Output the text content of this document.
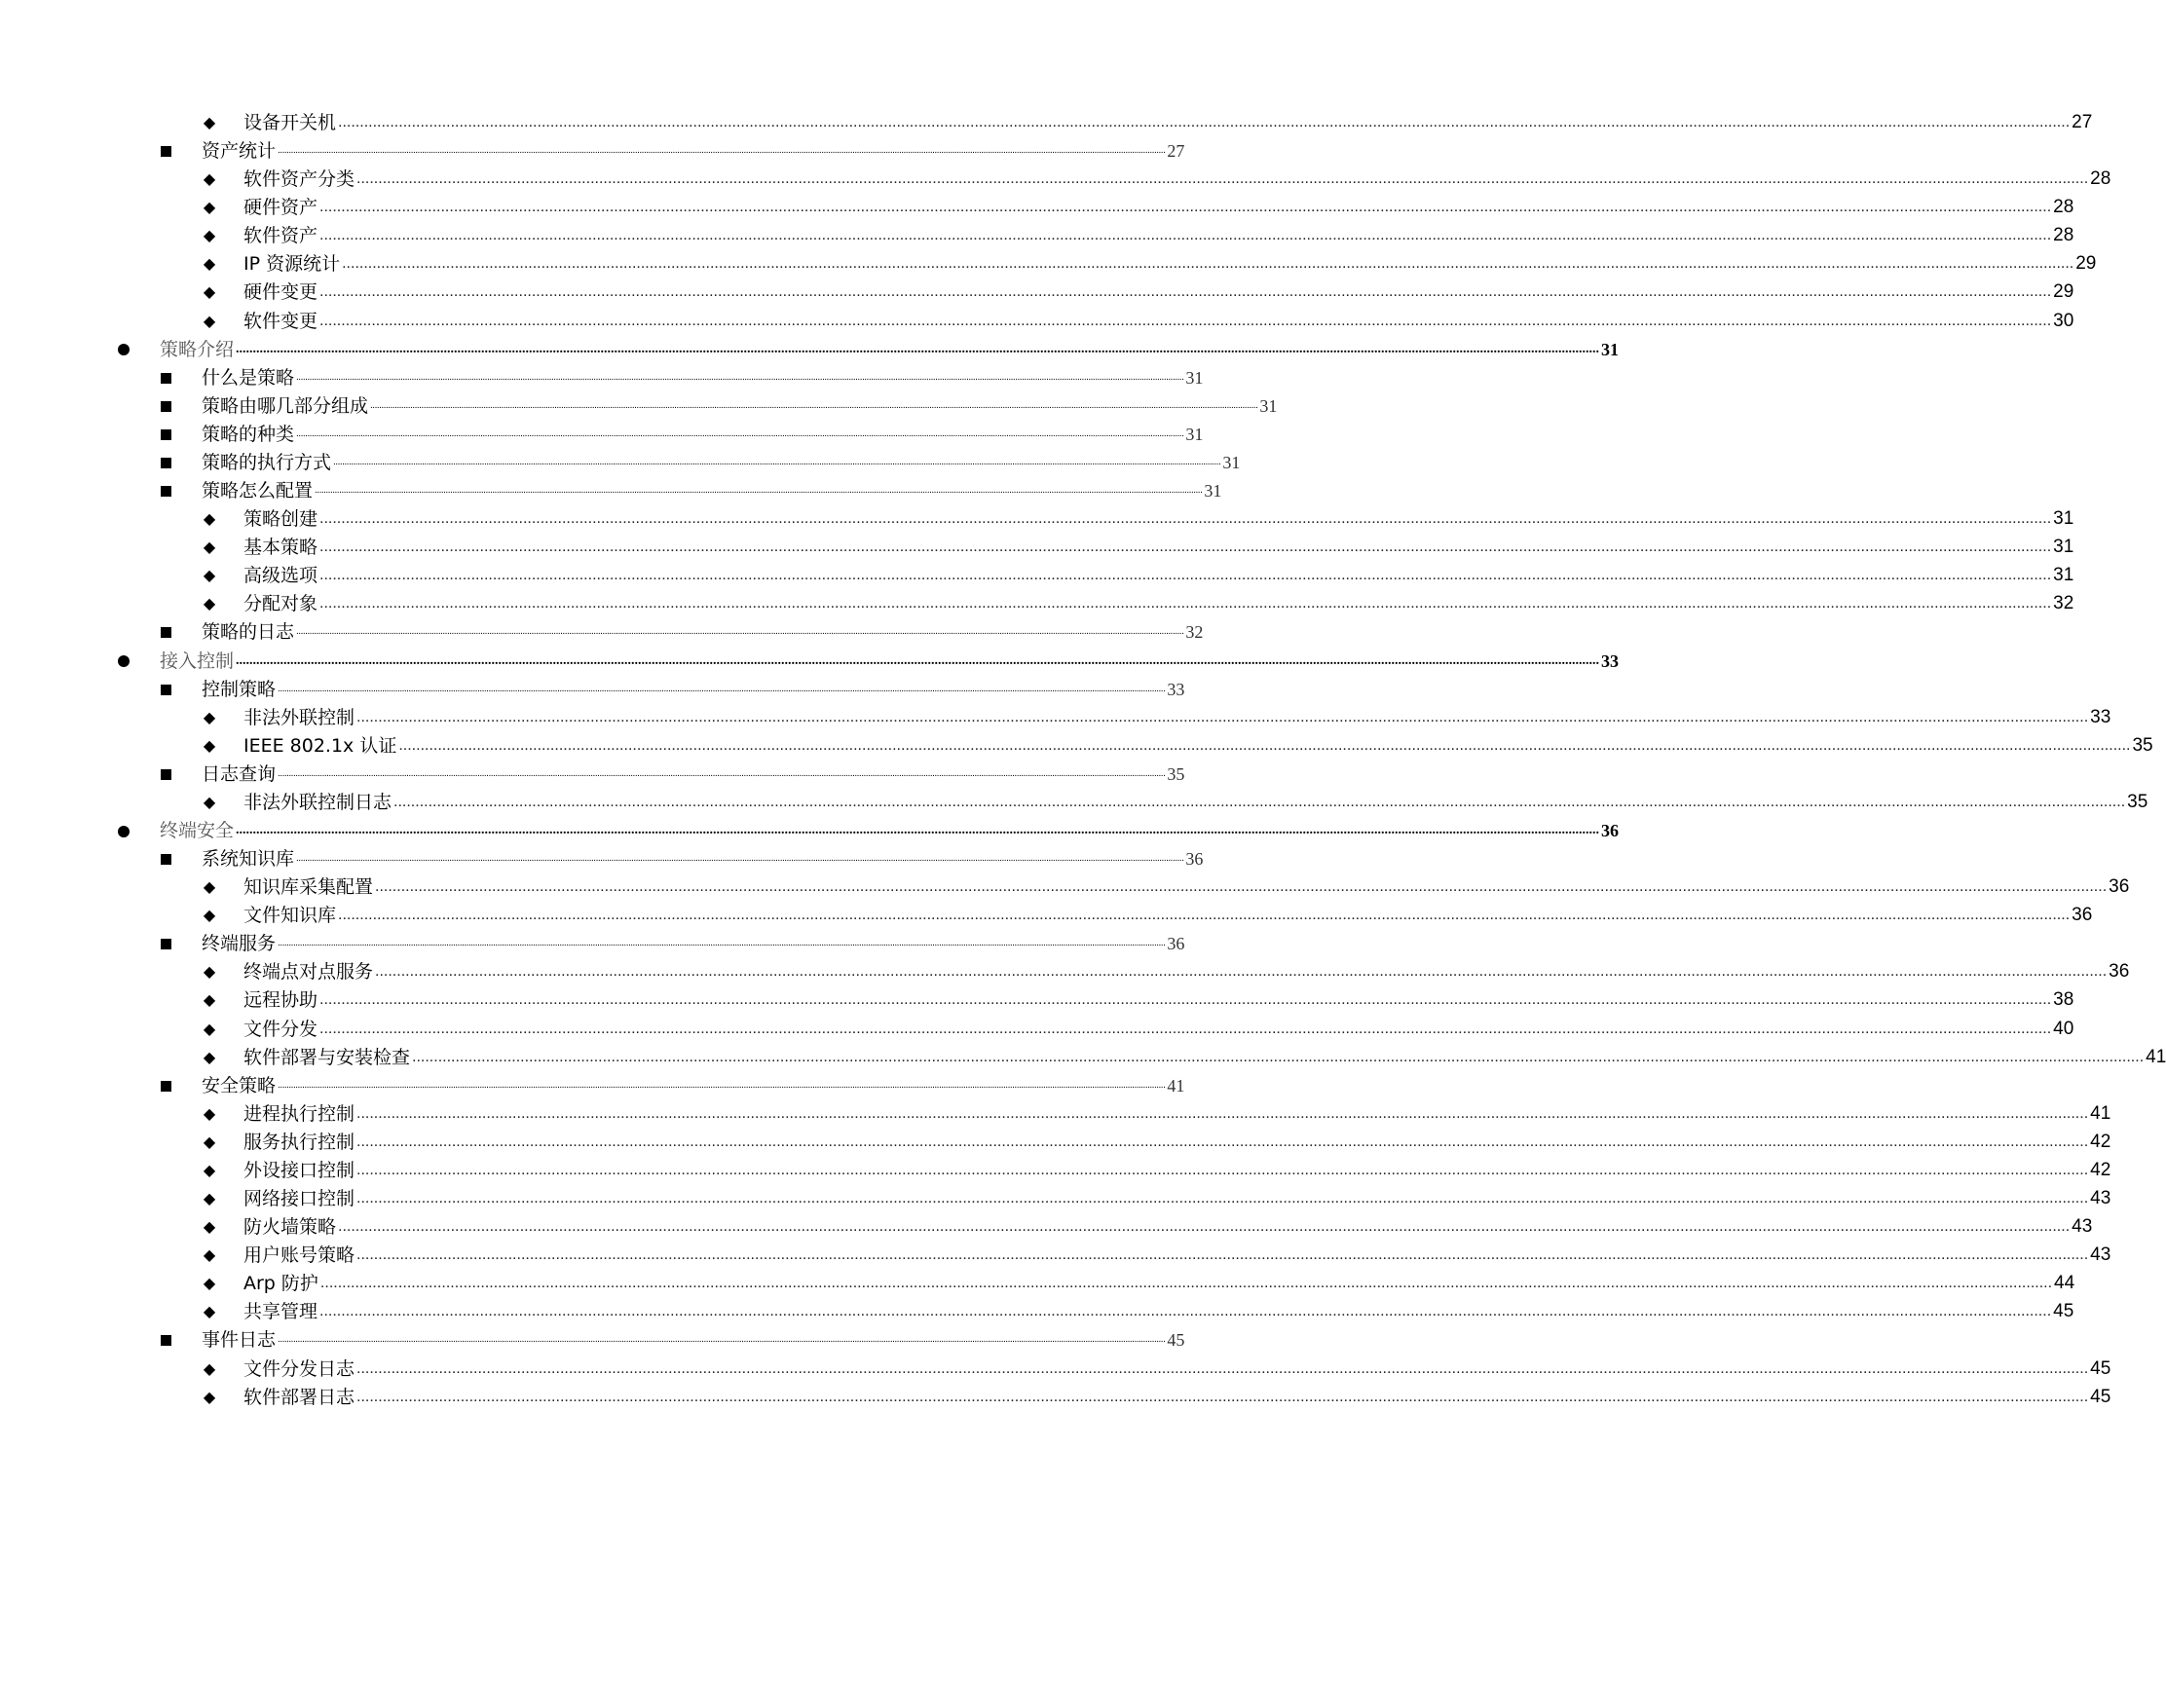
◆ 设备开关机 ................................................................................................................................................................................................................................................................................................................................................................................................................ 27
资产统计 ................................................................................................................................................................................................................................................................................................................................................................................................................ 27
◆ 软件资产分类 ................................................................................................................................................................................................................................................................................................................................................................................................................ 28
◆ 硬件资产 ................................................................................................................................................................................................................................................................................................................................................................................................................ 28
◆ 软件资产 ................................................................................................................................................................................................................................................................................................................................................................................................................ 28
◆ IP 资源统计 ................................................................................................................................................................................................................................................................................................................................................................................................................ 29
◆ 硬件变更 ................................................................................................................................................................................................................................................................................................................................................................................................................ 29
◆ 软件变更 ................................................................................................................................................................................................................................................................................................................................................................................................................ 30
策略介绍 ................................................................................................................................................................................................................................................................................................................................................................................................................ 31
什么是策略 ................................................................................................................................................................................................................................................................................................................................................................................................................ 31
策略由哪几部分组成 ................................................................................................................................................................................................................................................................................................................................................................................................................ 31
策略的种类 ................................................................................................................................................................................................................................................................................................................................................................................................................ 31
策略的执行方式 ................................................................................................................................................................................................................................................................................................................................................................................................................ 31
策略怎么配置 ................................................................................................................................................................................................................................................................................................................................................................................................................ 31
◆ 策略创建 ................................................................................................................................................................................................................................................................................................................................................................................................................ 31
◆ 基本策略 ................................................................................................................................................................................................................................................................................................................................................................................................................ 31
◆ 高级选项 ................................................................................................................................................................................................................................................................................................................................................................................................................ 31
◆ 分配对象 ................................................................................................................................................................................................................................................................................................................................................................................................................ 32
策略的日志 ................................................................................................................................................................................................................................................................................................................................................................................................................ 32
接入控制 ................................................................................................................................................................................................................................................................................................................................................................................................................ 33
控制策略 ................................................................................................................................................................................................................................................................................................................................................................................................................ 33
◆ 非法外联控制 ................................................................................................................................................................................................................................................................................................................................................................................................................ 33
◆ IEEE 802.1x 认证 ................................................................................................................................................................................................................................................................................................................................................................................................................ 35
日志查询 ................................................................................................................................................................................................................................................................................................................................................................................................................ 35
◆ 非法外联控制日志 ................................................................................................................................................................................................................................................................................................................................................................................................................ 35
终端安全 ................................................................................................................................................................................................................................................................................................................................................................................................................ 36
系统知识库 ................................................................................................................................................................................................................................................................................................................................................................................................................ 36
◆ 知识库采集配置 ................................................................................................................................................................................................................................................................................................................................................................................................................ 36
◆ 文件知识库 ................................................................................................................................................................................................................................................................................................................................................................................................................ 36
终端服务 ................................................................................................................................................................................................................................................................................................................................................................................................................ 36
◆ 终端点对点服务 ................................................................................................................................................................................................................................................................................................................................................................................................................ 36
◆ 远程协助 ................................................................................................................................................................................................................................................................................................................................................................................................................ 38
◆ 文件分发 ................................................................................................................................................................................................................................................................................................................................................................................................................ 40
◆ 软件部署与安装检查 ................................................................................................................................................................................................................................................................................................................................................................................................................ 41
安全策略 ................................................................................................................................................................................................................................................................................................................................................................................................................ 41
◆ 进程执行控制 ................................................................................................................................................................................................................................................................................................................................................................................................................ 41
◆ 服务执行控制 ................................................................................................................................................................................................................................................................................................................................................................................................................ 42
◆ 外设接口控制 ................................................................................................................................................................................................................................................................................................................................................................................................................ 42
◆ 网络接口控制 ................................................................................................................................................................................................................................................................................................................................................................................................................ 43
◆ 防火墙策略 ................................................................................................................................................................................................................................................................................................................................................................................................................ 43
◆ 用户账号策略 ................................................................................................................................................................................................................................................................................................................................................................................................................ 43
◆ Arp 防护 ................................................................................................................................................................................................................................................................................................................................................................................................................ 44
◆ 共享管理 ................................................................................................................................................................................................................................................................................................................................................................................................................ 45
事件日志 ................................................................................................................................................................................................................................................................................................................................................................................................................ 45
◆ 文件分发日志 ................................................................................................................................................................................................................................................................................................................................................................................................................ 45
◆ 软件部署日志 ................................................................................................................................................................................................................................................................................................................................................................................................................ 45
